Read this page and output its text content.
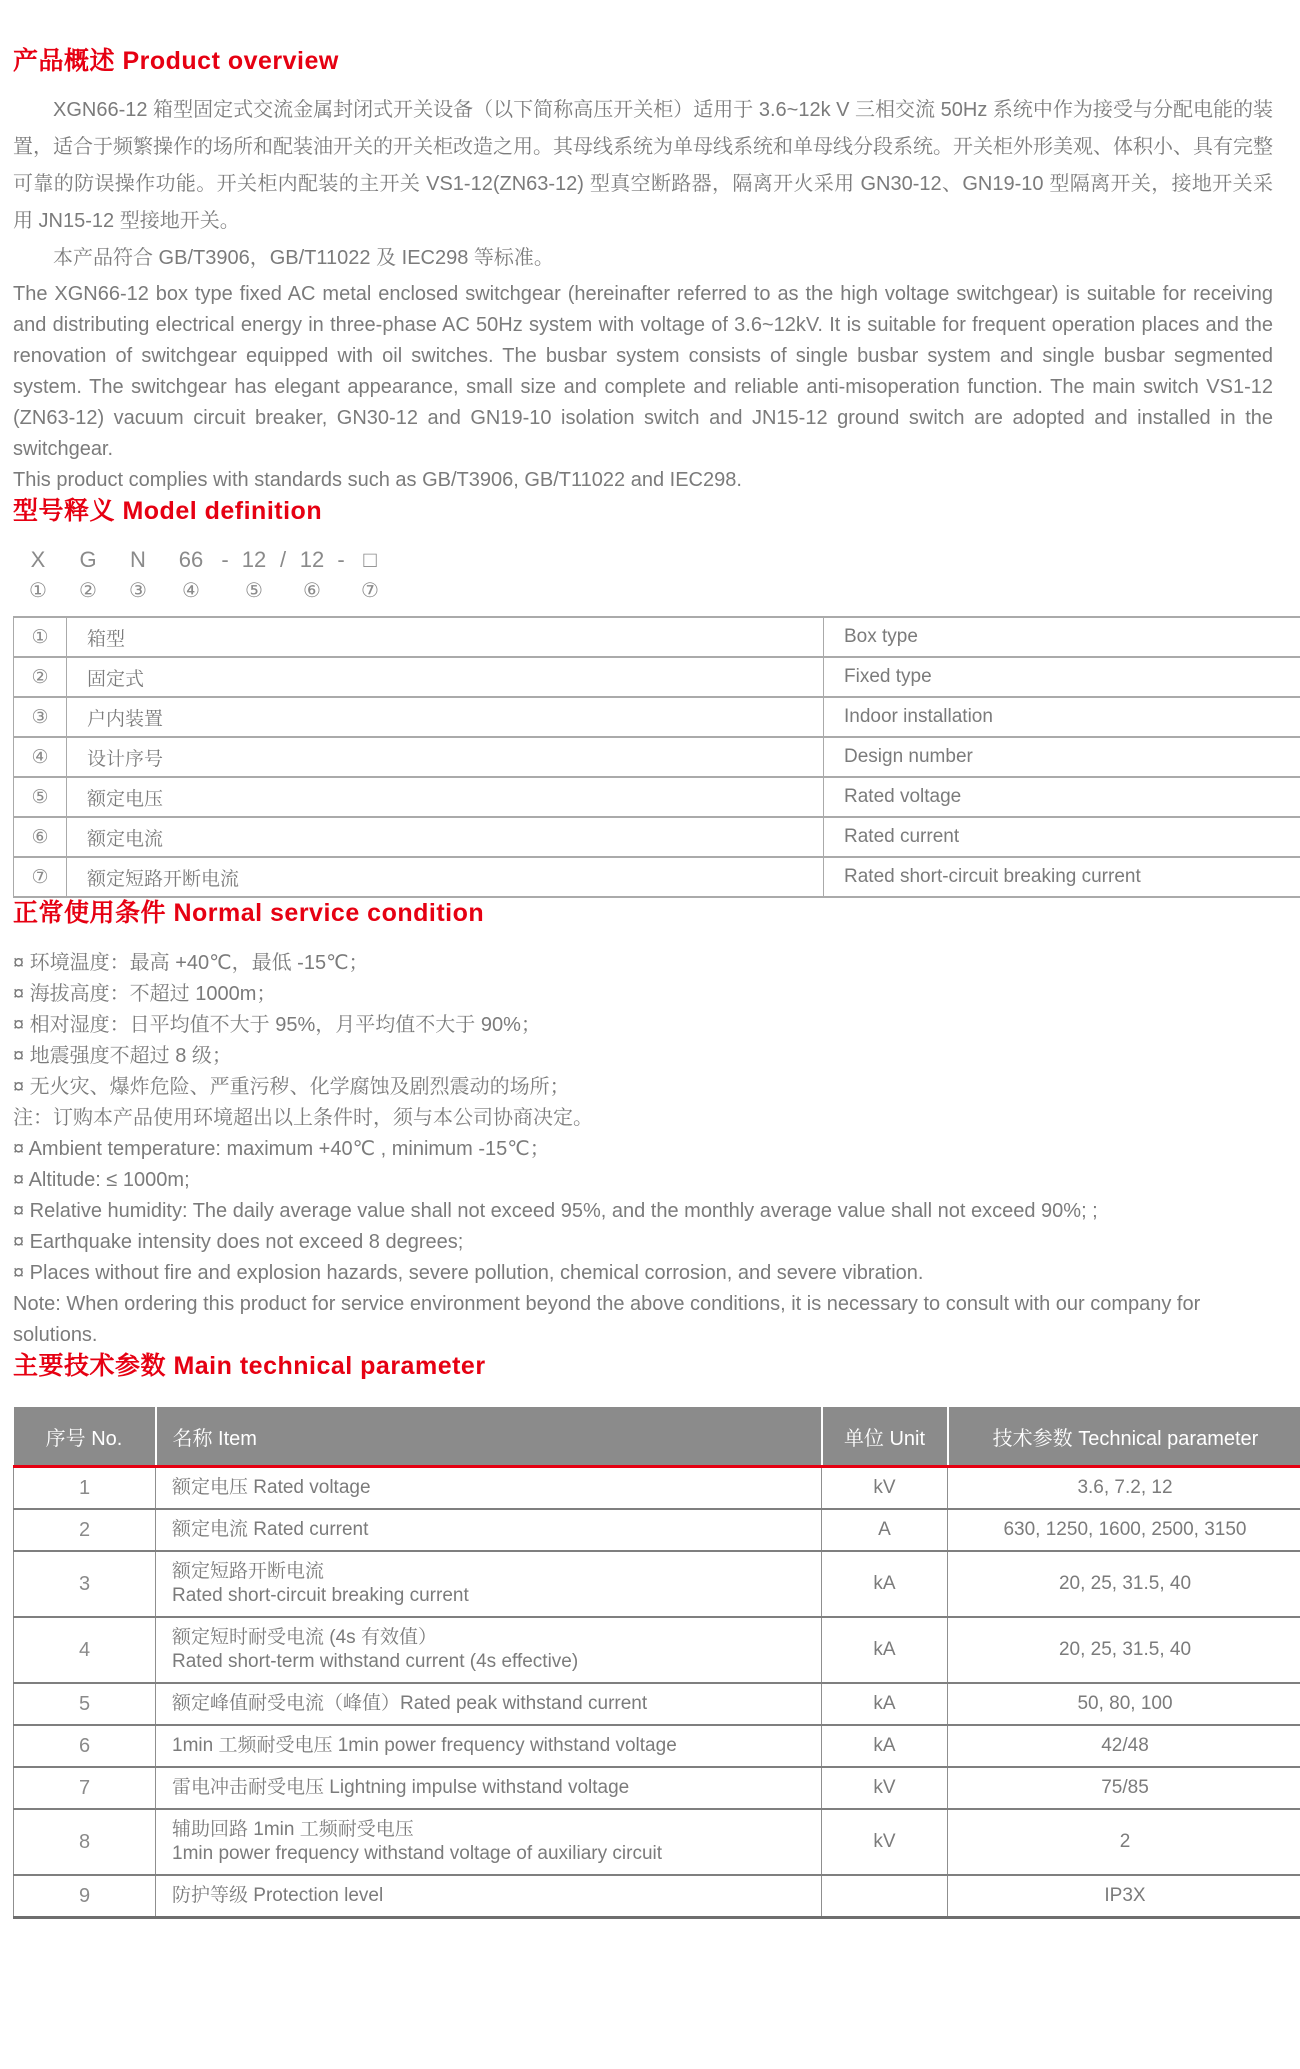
产品概述 Product overview

XGN66-12 箱型固定式交流金属封闭式开关设备（以下简称高压开关柜）适用于 3.6~12k V 三相交流 50Hz 系统中作为接受与分配电能的装置，适合于频繁操作的场所和配装油开关的开关柜改造之用。其母线系统为单母线系统和单母线分段系统。开关柜外形美观、体积小、具有完整可靠的防误操作功能。开关柜内配装的主开关 VS1-12(ZN63-12) 型真空断路器，隔离开火采用 GN30-12、GN19-10 型隔离开关，接地开关采用 JN15-12 型接地开关。

本产品符合 GB/T3906，GB/T11022 及 IEC298 等标准。

The XGN66-12 box type fixed AC metal enclosed switchgear (hereinafter referred to as the high voltage switchgear) is suitable for receiving and distributing electrical energy in three-phase AC 50Hz system with voltage of 3.6~12kV. It is suitable for frequent operation places and the renovation of switchgear equipped with oil switches. The busbar system consists of single busbar system and single busbar segmented system. The switchgear has elegant appearance, small size and complete and reliable anti-misoperation function. The main switch VS1-12 (ZN63-12) vacuum circuit breaker, GN30-12 and GN19-10 isolation switch and JN15-12 ground switch are adopted and installed in the switchgear.

This product complies with standards such as GB/T3906, GB/T11022 and IEC298.

型号释义 Model definition
X	G	N	66 - 12 / 12 - □
①	②	③	④	⑤	⑥	⑦
①	箱型	Box type
②	固定式	Fixed type
③	户内装置	Indoor installation
④	设计序号	Design number
⑤	额定电压	Rated voltage
⑥	额定电流	Rated current
⑦	额定短路开断电流	Rated short-circuit breaking current
正常使用条件 Normal service condition
¤ 环境温度：最高 +40℃，最低 -15℃；
¤ 海拔高度：不超过 1000m；
¤ 相对湿度：日平均值不大于 95%，月平均值不大于 90%；
¤ 地震强度不超过 8 级；
¤ 无火灾、爆炸危险、严重污秽、化学腐蚀及剧烈震动的场所；
注：订购本产品使用环境超出以上条件时，须与本公司协商决定。
¤ Ambient temperature: maximum +40℃ , minimum -15℃；
¤ Altitude: ≤ 1000m;
¤ Relative humidity: The daily average value shall not exceed 95%, and the monthly average value shall not exceed 90%; ;
¤ Earthquake intensity does not exceed 8 degrees;
¤ Places without fire and explosion hazards, severe pollution, chemical corrosion, and severe vibration.
Note: When ordering this product for service environment beyond the above conditions, it is necessary to consult with our company for solutions.
主要技术参数 Main technical parameter
序号 No.	名称 Item	单位 Unit	技术参数 Technical parameter
1	额定电压 Rated voltage	kV	3.6, 7.2, 12
2	额定电流 Rated current	A	630, 1250, 1600, 2500, 3150
3	额定短路开断电流
Rated short-circuit breaking current	kA	20, 25, 31.5, 40
4	额定短时耐受电流 (4s 有效值）
Rated short-term withstand current (4s effective)	kA	20, 25, 31.5, 40
5	额定峰值耐受电流（峰值）Rated peak withstand current	kA	50, 80, 100
6	1min 工频耐受电压 1min power frequency withstand voltage	kA	42/48
7	雷电冲击耐受电压 Lightning impulse withstand voltage	kV	75/85
8	辅助回路 1min 工频耐受电压
1min power frequency withstand voltage of auxiliary circuit	kV	2
9	防护等级 Protection level		IP3X
